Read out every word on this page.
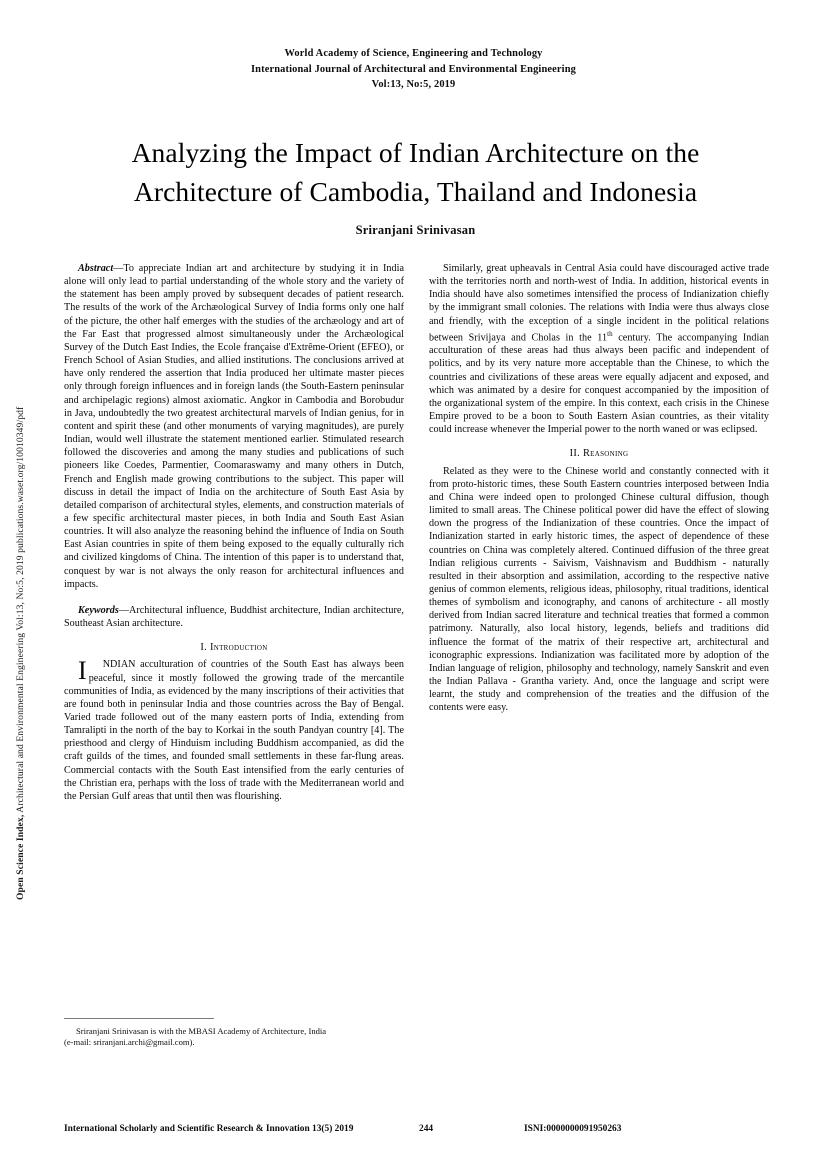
Open Science Index, Architectural and Environmental Engineering Vol:13, No:5, 2019 publications.waset.org/10010349/pdf
World Academy of Science, Engineering and Technology
International Journal of Architectural and Environmental Engineering
Vol:13, No:5, 2019
Analyzing the Impact of Indian Architecture on the
Architecture of Cambodia, Thailand and Indonesia
Sriranjani Srinivasan

Abstract—To appreciate Indian art and architecture by studying it in India alone will only lead to partial understanding of the whole story and the variety of the statement has been amply proved by subsequent decades of patient research. The results of the work of the Archæological Survey of India forms only one half of the picture, the other half emerges with the studies of the archæology and art of the Far East that progressed almost simultaneously under the Archæological Survey of the Dutch East Indies, the Ecole française d'Extrême-Orient (EFEO), or French School of Asian Studies, and allied institutions. The conclusions arrived at have only rendered the assertion that India produced her ultimate master pieces only through foreign influences and in foreign lands (the South-Eastern peninsular and archipelagic regions) almost axiomatic. Angkor in Cambodia and Borobudur in Java, undoubtedly the two greatest architectural marvels of Indian genius, for in content and spirit these (and other monuments of varying magnitudes), are purely Indian, would well illustrate the statement mentioned earlier. Stimulated research followed the discoveries and among the many studies and publications of such pioneers like Coedes, Parmentier, Coomaraswamy and many others in Dutch, French and English made growing contributions to the subject. This paper will discuss in detail the impact of India on the architecture of South East Asia by detailed comparison of architectural styles, elements, and construction materials of a few specific architectural master pieces, in both India and South East Asian countries. It will also analyze the reasoning behind the influence of India on South East Asian countries in spite of them being exposed to the equally culturally rich and civilized kingdoms of China. The intention of this paper is to understand that, conquest by war is not always the only reason for architectural influences and impacts.

Keywords—Architectural influence, Buddhist architecture, Indian architecture, Southeast Asian architecture.

I. Introduction

I NDIAN acculturation of countries of the South East has always been peaceful, since it mostly followed the growing trade of the mercantile communities of India, as evidenced by the many inscriptions of their activities that are found both in peninsular India and those countries across the Bay of Bengal. Varied trade followed out of the many eastern ports of India, extending from Tamralipti in the north of the bay to Korkai in the south Pandyan country [4]. The priesthood and clergy of Hinduism including Buddhism accompanied, as did the craft guilds of the times, and founded small settlements in these far-flung areas. Commercial contacts with the South East intensified from the early centuries of the Christian era, perhaps with the loss of trade with the Mediterranean world and the Persian Gulf areas that until then was flourishing.

Similarly, great upheavals in Central Asia could have discouraged active trade with the territories north and north-west of India. In addition, historical events in India should have also sometimes intensified the process of Indianization chiefly by the immigrant small colonies. The relations with India were thus always close and friendly, with the exception of a single incident in the political relations between Srivijaya and Cholas in the 11th century. The accompanying Indian acculturation of these areas had thus always been pacific and independent of politics, and by its very nature more acceptable than the Chinese, to which the countries and civilizations of these areas were equally adjacent and exposed, and which was animated by a desire for conquest accompanied by the imposition of the organizational system of the empire. In this context, each crisis in the Chinese Empire proved to be a boon to South Eastern Asian countries, as their vitality could increase whenever the Imperial power to the north waned or was eclipsed.

II. Reasoning

Related as they were to the Chinese world and constantly connected with it from proto-historic times, these South Eastern countries interposed between India and China were indeed open to prolonged Chinese cultural diffusion, though limited to small areas. The Chinese political power did have the effect of slowing down the progress of the Indianization of these countries. Once the impact of Indianization started in early historic times, the aspect of dependence of these countries on China was completely altered. Continued diffusion of the three great Indian religious currents - Saivism, Vaishnavism and Buddhism - naturally resulted in their absorption and assimilation, according to the respective native genius of common elements, religious ideas, philosophy, ritual traditions, identical themes of symbolism and iconography, and canons of architecture - all mostly derived from Indian sacred literature and technical treaties that formed a common patrimony. Naturally, also local history, legends, beliefs and traditions did influence the format of the matrix of their respective art, architectural and iconographic expressions. Indianization was facilitated more by adoption of the Indian language of religion, philosophy and technology, namely Sanskrit and even the Indian Pallava - Grantha variety. And, once the language and script were learnt, the study and comprehension of the treaties and the diffusion of the contents were easy.

Sriranjani Srinivasan is with the MBASI Academy of Architecture, India

(e-mail: sriranjani.archi@gmail.com).

International Scholarly and Scientific Research & Innovation 13(5) 2019	244	ISNI:0000000091950263
